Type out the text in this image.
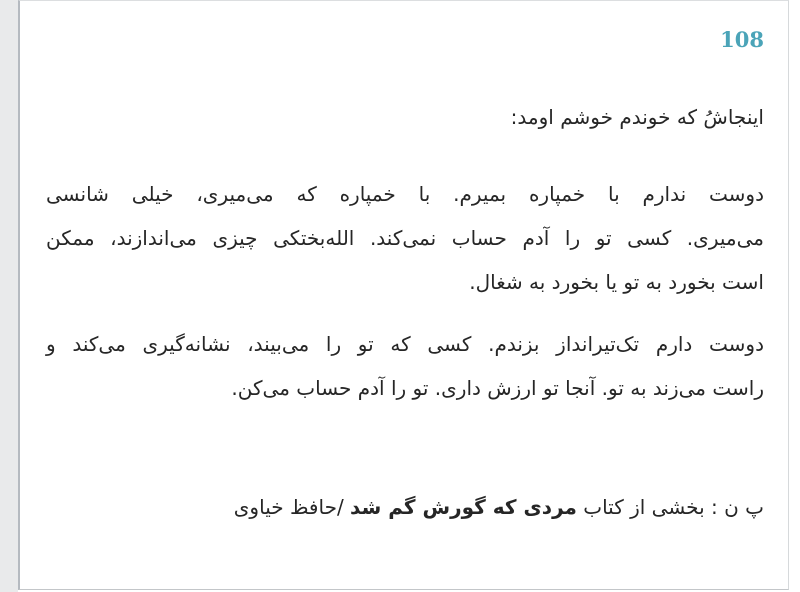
108

اینجاشُ که خوندم خوشم اومد:

دوست ندارم با خمپاره بمیرم. با خمپاره که می‌میری، خیلی شانسی
می‌میری. کسی تو را آدم حساب نمی‌کند. الله‌بختکی چیزی می‌اندازند، ممکن
است بخورد به تو یا بخورد به شغال.
دوست دارم تک‌تیرانداز بزندم. کسی که تو را می‌بیند، نشانه‌گیری می‌کند و
راست می‌زند به تو. آنجا تو ارزش داری. تو را آدم حساب می‌کن.

پ ن : بخشی از کتاب مردی که گورش گم شد /حافظ خیاوی
